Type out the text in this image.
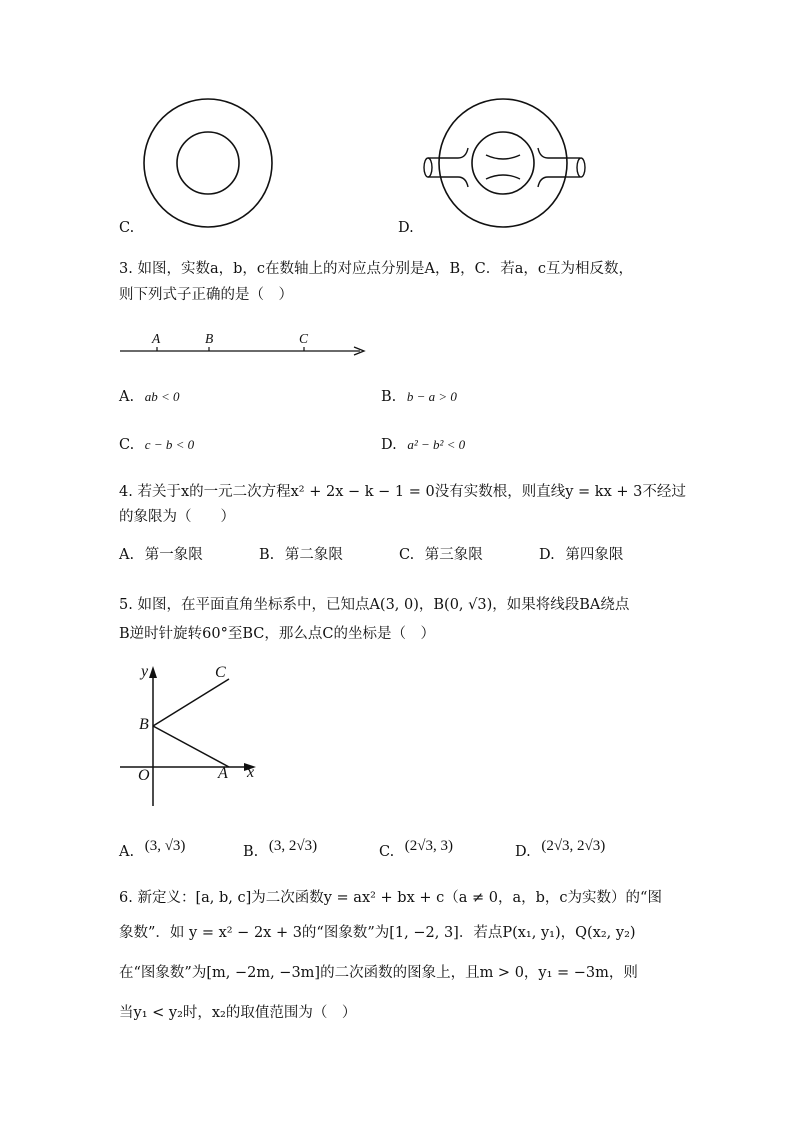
C.	D.
3. 如图，实数a，b，c在数轴上的对应点分别是A，B，C．若a，c互为相反数，
则下列式子正确的是（　）
A	B	C
A. ab < 0	B. b − a > 0
C. c − b < 0	D. a² − b² < 0
4. 若关于x的一元二次方程x² + 2x − k − 1 = 0没有实数根，则直线y = kx + 3不经过
的象限为（　　）
A. 第一象限	B. 第二象限	C. 第三象限	D. 第四象限
5. 如图，在平面直角坐标系中，已知点A(3, 0)，B(0, √3)，如果将线段BA绕点
B逆时针旋转60°至BC，那么点C的坐标是（　）
y
x
O	A
B
C
A. (3, √3)	B. (3, 2√3)	C. (2√3, 3)	D. (2√3, 2√3)
6. 新定义：[a, b, c]为二次函数y = ax² + bx + c（a ≠ 0，a，b，c为实数）的“图
象数”．如 y = x² − 2x + 3的“图象数”为[1, −2, 3]．若点P(x₁, y₁)，Q(x₂, y₂)
在“图象数”为[m, −2m, −3m]的二次函数的图象上，且m > 0，y₁ = −3m，则
当y₁ < y₂时，x₂的取值范围为（　）
